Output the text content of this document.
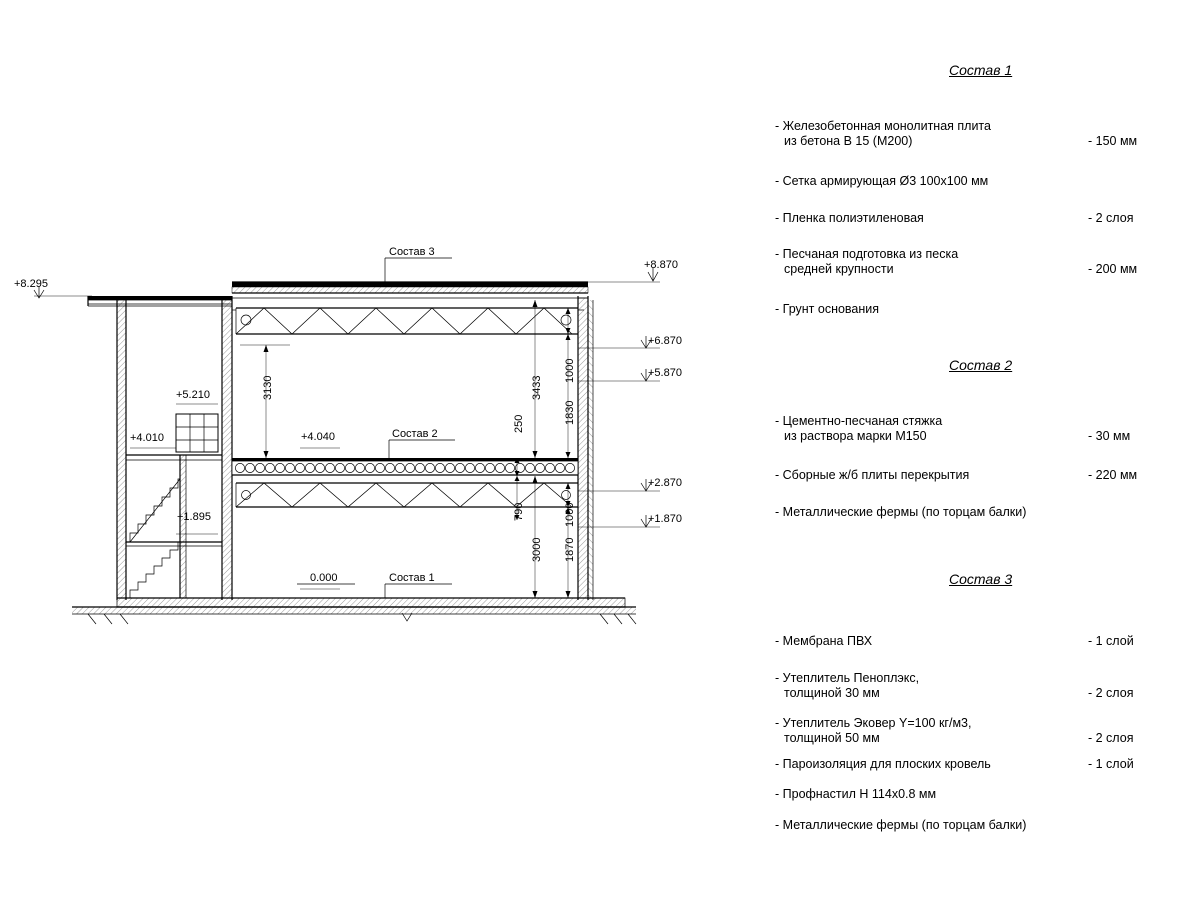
Состав 3
Состав 2
Состав 1
+8.295
+5.210
+4.010	+4.040
+1.895
0.000
+8.870
+6.870
+5.870
+2.870
+1.870
3130	3433
1000
1830
250
790	1000
3000 1870
Состав 1
- Железобетонная монолитная плита
из бетона В 15 (М200)	- 150 мм
- Сетка армирующая Ø3 100х100 мм
- Пленка полиэтиленовая	- 2 слоя
- Песчаная подготовка из песка
средней крупности	- 200 мм
- Грунт основания
Состав 2
- Цементно-песчаная стяжка
из раствора марки М150	- 30 мм
- Сборные ж/б плиты перекрытия	- 220 мм
- Металлические фермы (по торцам балки)
Состав 3
- Мембрана ПВХ	- 1 слой
- Утеплитель Пеноплэкс,
толщиной 30 мм	- 2 слоя
- Утеплитель Эковер Y=100 кг/м3,
толщиной 50 мм	- 2 слоя
- Пароизоляция для плоских кровель	- 1 слой
- Профнастил Н 114х0.8 мм
- Металлические фермы (по торцам балки)
